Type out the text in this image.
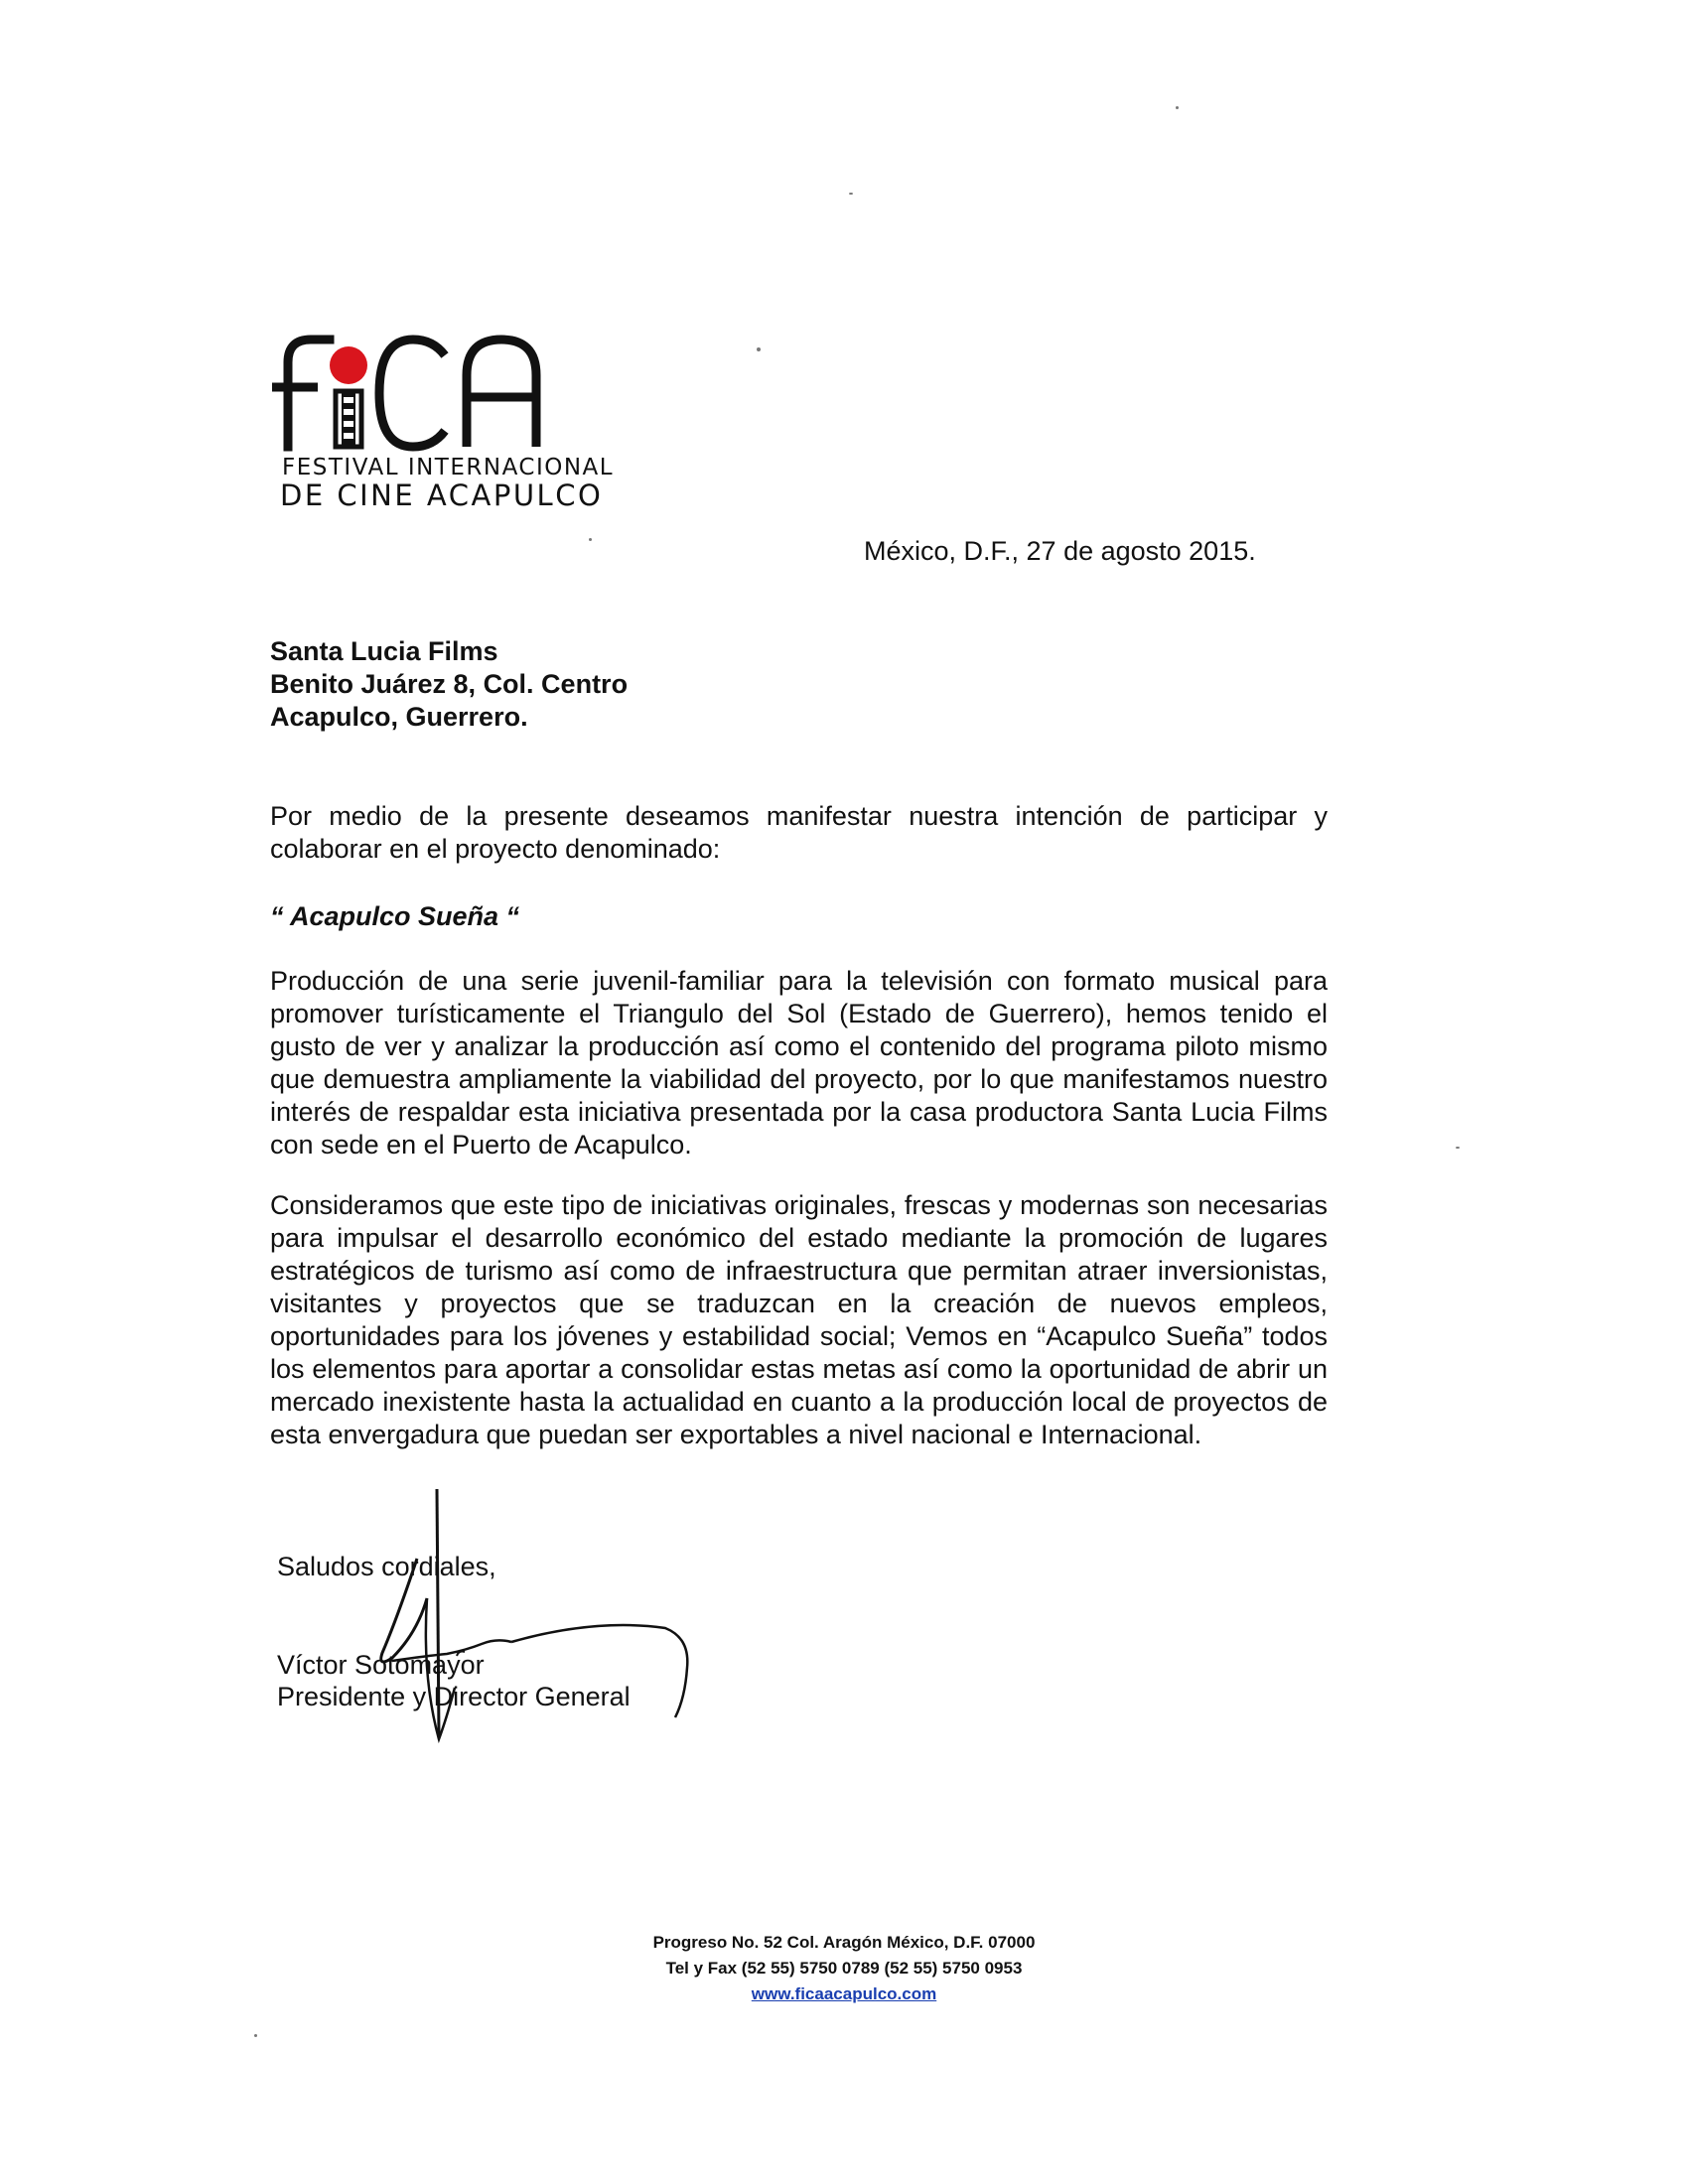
FESTIVAL INTERNACIONAL
DE CINE ACAPULCO
México, D.F., 27 de agosto 2015.
Santa Lucia Films
Benito Juárez 8, Col. Centro
Acapulco, Guerrero.
Por medio de la presente deseamos manifestar nuestra intención de participar y colaborar en el proyecto denominado:
“ Acapulco Sueña “
Producción de una serie juvenil-familiar para la televisión con formato musical para promover turísticamente el Triangulo del Sol (Estado de Guerrero), hemos tenido el gusto de ver y analizar la producción así como el contenido del programa piloto mismo que demuestra ampliamente la viabilidad del proyecto, por lo que manifestamos nuestro interés de respaldar esta iniciativa presentada por la casa productora Santa Lucia Films con sede en el Puerto de Acapulco.
Consideramos que este tipo de iniciativas originales, frescas y modernas son necesarias para impulsar el desarrollo económico del estado mediante la promoción de lugares estratégicos de turismo así como de infraestructura que permitan atraer inversionistas, visitantes y proyectos que se traduzcan en la creación de nuevos empleos, oportunidades para los jóvenes y estabilidad social; Vemos en “Acapulco Sueña” todos los elementos para aportar a consolidar estas metas así como la oportunidad de abrir un mercado inexistente hasta la actualidad en cuanto a la producción local de proyectos de esta envergadura que puedan ser exportables a nivel nacional e Internacional.
Saludos cordiales,
Víctor Sotomayor
Presidente y Director General
Progreso No. 52 Col. Aragón México, D.F. 07000
Tel y Fax (52 55) 5750 0789 (52 55) 5750 0953
www.ficaacapulco.com
